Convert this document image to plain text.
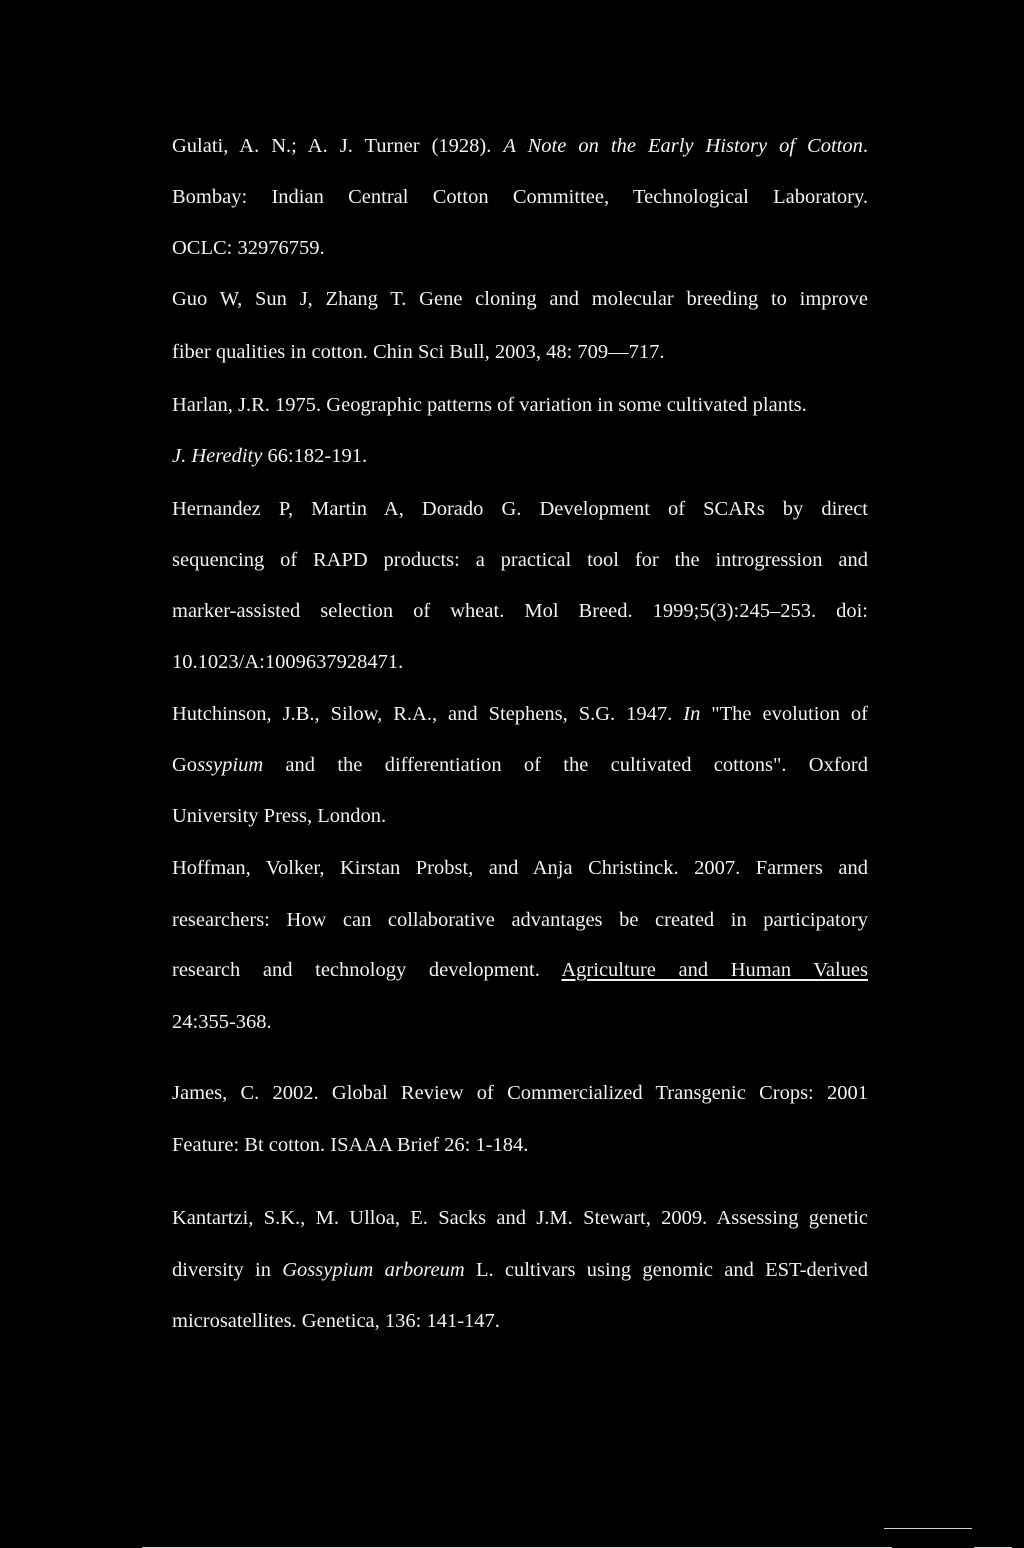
Gulati, A. N.; A. J. Turner (1928). A Note on the Early History of Cotton.
Bombay: Indian Central Cotton Committee, Technological Laboratory.
OCLC: 32976759.
Guo W, Sun J, Zhang T. Gene cloning and molecular breeding to improve
fiber qualities in cotton. Chin Sci Bull, 2003, 48: 709—717.
Harlan, J.R. 1975. Geographic patterns of variation in some cultivated plants.
J. Heredity 66:182-191.
Hernandez P, Martin A, Dorado G. Development of SCARs by direct
sequencing of RAPD products: a practical tool for the introgression and
marker-assisted selection of wheat. Mol Breed. 1999;5(3):245–253. doi:
10.1023/A:1009637928471.
Hutchinson, J.B., Silow, R.A., and Stephens, S.G. 1947. In "The evolution of
Gossypium and the differentiation of the cultivated cottons". Oxford
University Press, London.
Hoffman, Volker, Kirstan Probst, and Anja Christinck. 2007. Farmers and
researchers: How can collaborative advantages be created in participatory
research and technology development. Agriculture and Human Values
24:355-368.
James, C. 2002. Global Review of Commercialized Transgenic Crops: 2001
Feature: Bt cotton. ISAAA Brief 26: 1-184.
Kantartzi, S.K., M. Ulloa, E. Sacks and J.M. Stewart, 2009. Assessing genetic
diversity in Gossypium arboreum L. cultivars using genomic and EST-derived
microsatellites. Genetica, 136: 141-147.
